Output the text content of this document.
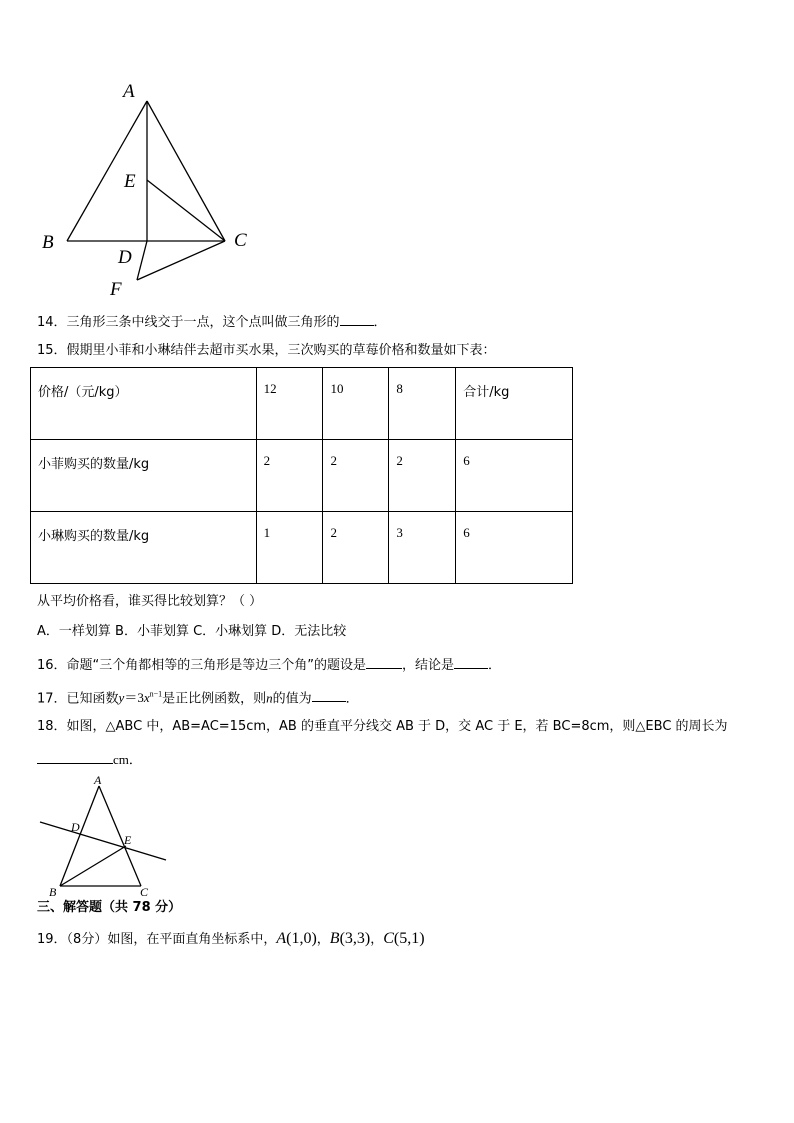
A
B	C
D
E
F
14．三角形三条中线交于一点，这个点叫做三角形的	．
15．假期里小菲和小琳结伴去超市买水果，三次购买的草莓价格和数量如下表：
价格/（元/kg）	12	10	8	合计/kg
小菲购买的数量/kg	2	2	2	6
小琳购买的数量/kg	1	2	3	6
从平均价格看，谁买得比较划算？（ ）
A．一样划算 B．小菲划算 C．小琳划算 D．无法比较
16．命题“三个角都相等的三角形是等边三个角”的题设是	，结论是	．
17．已知函数$y=3x^{n-1}$是正比例函数，则n的值为	．
18．如图，△ABC 中，AB=AC=15cm，AB 的垂直平分线交 AB 于 D，交 AC 于 E，若 BC=8cm，则△EBC 的周长为
cm．
A
B	C
D
E
三、解答题（共 78 分）
19．（8分）如图，在平面直角坐标系中，A(1,0)，B(3,3)，C(5,1)
